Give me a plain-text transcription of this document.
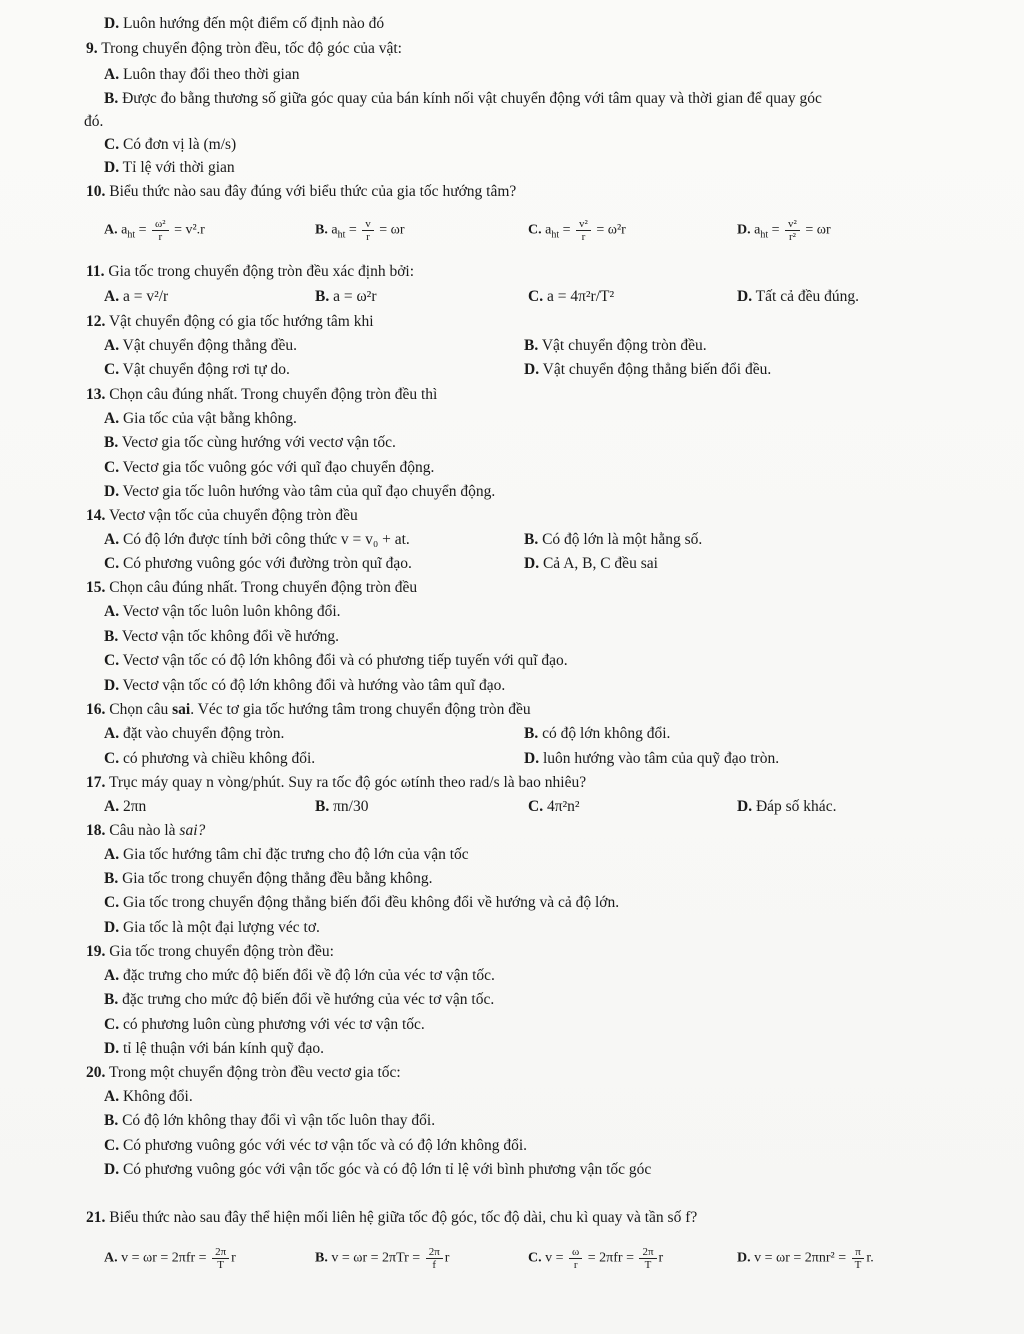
D. Luôn hướng đến một điểm cố định nào đó
9. Trong chuyển động tròn đều, tốc độ góc của vật:
A. Luôn thay đổi theo thời gian
B. Được đo bằng thương số giữa góc quay của bán kính nối vật chuyển động với tâm quay và thời gian để quay góc
đó.
C. Có đơn vị là (m/s)
D. Tỉ lệ với thời gian
10. Biểu thức nào sau đây đúng với biểu thức của gia tốc hướng tâm?
A. $a_{ht} = \frac{\text{ω²}}{r} = v^2.r$	B. $a_{ht} = \frac{v}{r} = \omega r$	C. $a_{ht} = \frac{\text{v²}}{r} = \omega^2r$	D. $a_{ht} = \frac{\text{v²}}{\text{r²}} = \omega r$
11. Gia tốc trong chuyển động tròn đều xác định bởi:
A. a = v²/r	B. a = ω²r	C. a = 4π²r/T²	D. Tất cả đều đúng.
12. Vật chuyển động có gia tốc hướng tâm khi
A. Vật chuyển động thẳng đều.	B. Vật chuyển động tròn đều.
C. Vật chuyển động rơi tự do.	D. Vật chuyển động thẳng biến đổi đều.
13. Chọn câu đúng nhất. Trong chuyển động tròn đều thì
A. Gia tốc của vật bằng không.
B. Vectơ gia tốc cùng hướng với vectơ vận tốc.
C. Vectơ gia tốc vuông góc với quĩ đạo chuyển động.
D. Vectơ gia tốc luôn hướng vào tâm của quĩ đạo chuyển động.
14. Vectơ vận tốc của chuyển động tròn đều
A. Có độ lớn được tính bởi công thức v = v₀ + at.	B. Có độ lớn là một hằng số.
C. Có phương vuông góc với đường tròn quĩ đạo.	D. Cả A, B, C đều sai
15. Chọn câu đúng nhất. Trong chuyển động tròn đều
A. Vectơ vận tốc luôn luôn không đổi.
B. Vectơ vận tốc không đổi về hướng.
C. Vectơ vận tốc có độ lớn không đổi và có phương tiếp tuyến với quĩ đạo.
D. Vectơ vận tốc có độ lớn không đổi và hướng vào tâm quĩ đạo.
16. Chọn câu sai. Véc tơ gia tốc hướng tâm trong chuyển động tròn đều
A. đặt vào chuyển động tròn.	B. có độ lớn không đổi.
C. có phương và chiều không đổi.	D. luôn hướng vào tâm của quỹ đạo tròn.
17. Trục máy quay n vòng/phút. Suy ra tốc độ góc ωtính theo rad/s là bao nhiêu?
A. 2πn	B. πn/30	C. 4π²n²	D. Đáp số khác.
18. Câu nào là sai?
A. Gia tốc hướng tâm chỉ đặc trưng cho độ lớn của vận tốc
B. Gia tốc trong chuyển động thẳng đều bằng không.
C. Gia tốc trong chuyển động thẳng biến đổi đều không đổi về hướng và cả độ lớn.
D. Gia tốc là một đại lượng véc tơ.
19. Gia tốc trong chuyển động tròn đều:
A. đặc trưng cho mức độ biến đổi về độ lớn của véc tơ vận tốc.
B. đặc trưng cho mức độ biến đổi về hướng của véc tơ vận tốc.
C. có phương luôn cùng phương với véc tơ vận tốc.
D. tỉ lệ thuận với bán kính quỹ đạo.
20. Trong một chuyển động tròn đều vectơ gia tốc:
A. Không đổi.
B. Có độ lớn không thay đổi vì vận tốc luôn thay đổi.
C. Có phương vuông góc với véc tơ vận tốc và có độ lớn không đổi.
D. Có phương vuông góc với vận tốc góc và có độ lớn tỉ lệ với bình phương vận tốc góc
21. Biểu thức nào sau đây thể hiện mối liên hệ giữa tốc độ góc, tốc độ dài, chu kì quay và tần số f?
A. $v = \omega r = 2\pi fr = \frac{2\pi}{T}$ r	B. $v = \omega r = 2\pi Tr = \frac{2\pi}{f}$ r	C. $v = \frac{\omega}{r} = 2\pi fr = \frac{2\pi}{T}$ r	D. $v = \omega r = 2\pi nr^2 = \frac{\pi}{T} r$.
